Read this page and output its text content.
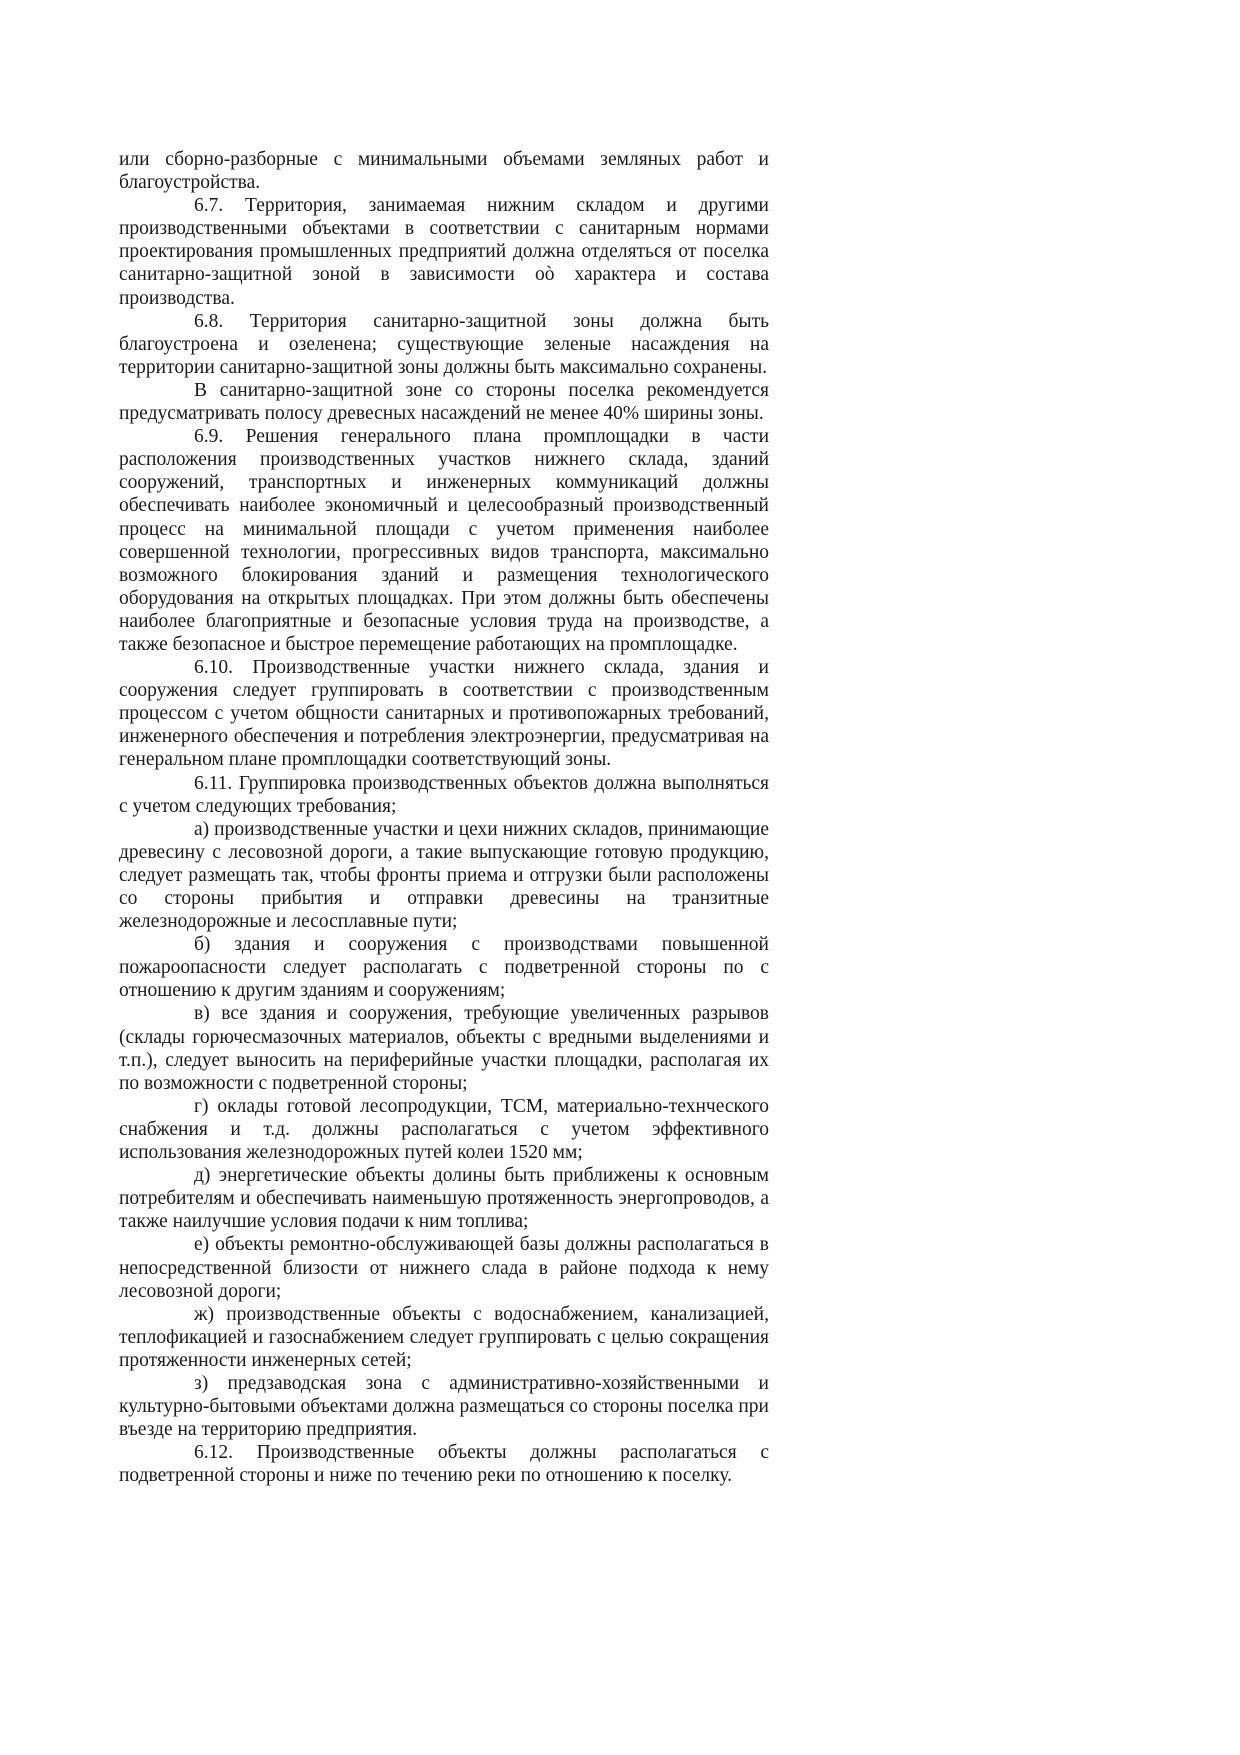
или сборно-разборные с минимальными объемами земляных работ и благоустройства.

6.7. Территория, занимаемая нижним складом и другими производственными объектами в соответствии с санитарным нормами проектирования промышленных предприятий должна отделяться от поселка санитарно-защитной зоной в зависимости оò характера и состава производства.

6.8. Территория санитарно-защитной зоны должна быть благоустроена и озеленена; существующие зеленые насаждения на территории санитарно-защитной зоны должны быть максимально сохранены.

В санитарно-защитной зоне со стороны поселка рекомендуется предусматривать полосу древесных насаждений не менее 40% ширины зоны.

6.9. Решения генерального плана промплощадки в части расположения производственных участков нижнего склада, зданий сооружений, транспортных и инженерных коммуникаций должны обеспечивать наиболее экономичный и целесообразный производственный процесс на минимальной площади с учетом применения наиболее совершенной технологии, прогрессивных видов транспорта, максимально возможного блокирования зданий и размещения технологического оборудования на открытых площадках. При этом должны быть обеспечены наиболее благоприятные и безопасные условия труда на производстве, а также безопасное и быстрое перемещение работающих на промплощадке.

6.10. Производственные участки нижнего склада, здания и сооружения следует группировать в соответствии с производственным процессом с учетом общности санитарных и противопожарных требований, инженерного обеспечения и потребления электроэнергии, предусматривая на генеральном плане промплощадки соответствующий зоны.

6.11. Группировка производственных объектов должна выполняться с учетом следующих требования;

а) производственные участки и цехи нижних складов, принимающие древесину с лесовозной дороги, а такие выпускающие готовую продукцию, следует размещать так, чтобы фронты приема и отгрузки были расположены со стороны прибытия и отправки древесины на транзитные железнодорожные и лесосплавные пути;

б) здания и сооружения с производствами повышенной пожароопасности следует располагать с подветренной стороны по с отношению к другим зданиям и сооружениям;

в) все здания и сооружения, требующие увеличенных разрывов (склады горючесмазочных материалов, объекты с вредными выделениями и т.п.), следует выносить на периферийные участки площадки, располагая их по возможности с подветренной стороны;

г) оклады готовой лесопродукции, ТСМ, материально-технческого снабжения и т.д. должны располагаться с учетом эффективного использования железнодорожных путей колеи 1520 мм;

д) энергетические объекты долины быть приближены к основным потребителям и обеспечивать наименьшую протяженность энергопроводов, а также наилучшие условия подачи к ним топлива;

е) объекты ремонтно-обслуживающей базы должны располагаться в непосредственной близости от нижнего слада в районе подхода к нему лесовозной дороги;

ж) производственные объекты с водоснабжением, канализацией, теплофикацией и газоснабжением следует группировать с целью сокращения протяженности инженерных сетей;

з) предзаводская зона с административно-хозяйственными и культурно-бытовыми объектами должна размещаться со стороны поселка при въезде на территорию предприятия.

6.12. Производственные объекты должны располагаться с подветренной стороны и ниже по течению реки по отношению к поселку.
